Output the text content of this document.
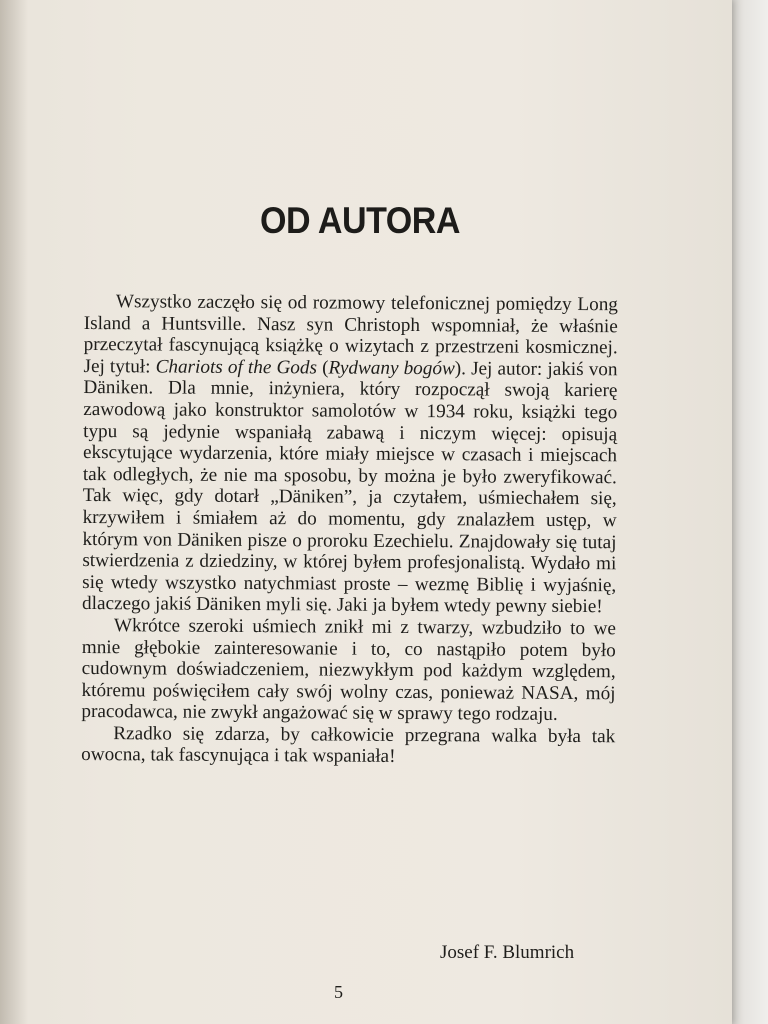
OD AUTORA

Wszystko zaczęło się od rozmowy telefonicznej pomiędzy Long Island a Huntsville. Nasz syn Christoph wspomniał, że właśnie przeczytał fascynującą książkę o wizytach z przestrzeni kosmicznej. Jej tytuł: Chariots of the Gods (Rydwany bogów). Jej autor: jakiś von Däniken. Dla mnie, inżyniera, który rozpoczął swoją karierę zawodową jako konstruktor samolotów w 1934 roku, książki tego typu są jedynie wspaniałą zabawą i niczym więcej: opisują ekscytujące wydarzenia, które miały miejsce w czasach i miejscach tak odległych, że nie ma sposobu, by można je było zweryfikować. Tak więc, gdy dotarł „Däniken”, ja czytałem, uśmiechałem się, krzywiłem i śmiałem aż do momentu, gdy znalazłem ustęp, w którym von Däniken pisze o proroku Ezechielu. Znajdowały się tutaj stwierdzenia z dziedziny, w której byłem profesjonalistą. Wydało mi się wtedy wszystko natychmiast proste – wezmę Biblię i wyjaśnię, dlaczego jakiś Däniken myli się. Jaki ja byłem wtedy pewny siebie!

Wkrótce szeroki uśmiech znikł mi z twarzy, wzbudziło to we mnie głębokie zainteresowanie i to, co nastąpiło potem było cudownym doświadczeniem, niezwykłym pod każdym względem, któremu poświęciłem cały swój wolny czas, ponieważ NASA, mój pracodawca, nie zwykł angażować się w sprawy tego rodzaju.

Rzadko się zdarza, by całkowicie przegrana walka była tak owocna, tak fascynująca i tak wspaniała!

Josef F. Blumrich
5
